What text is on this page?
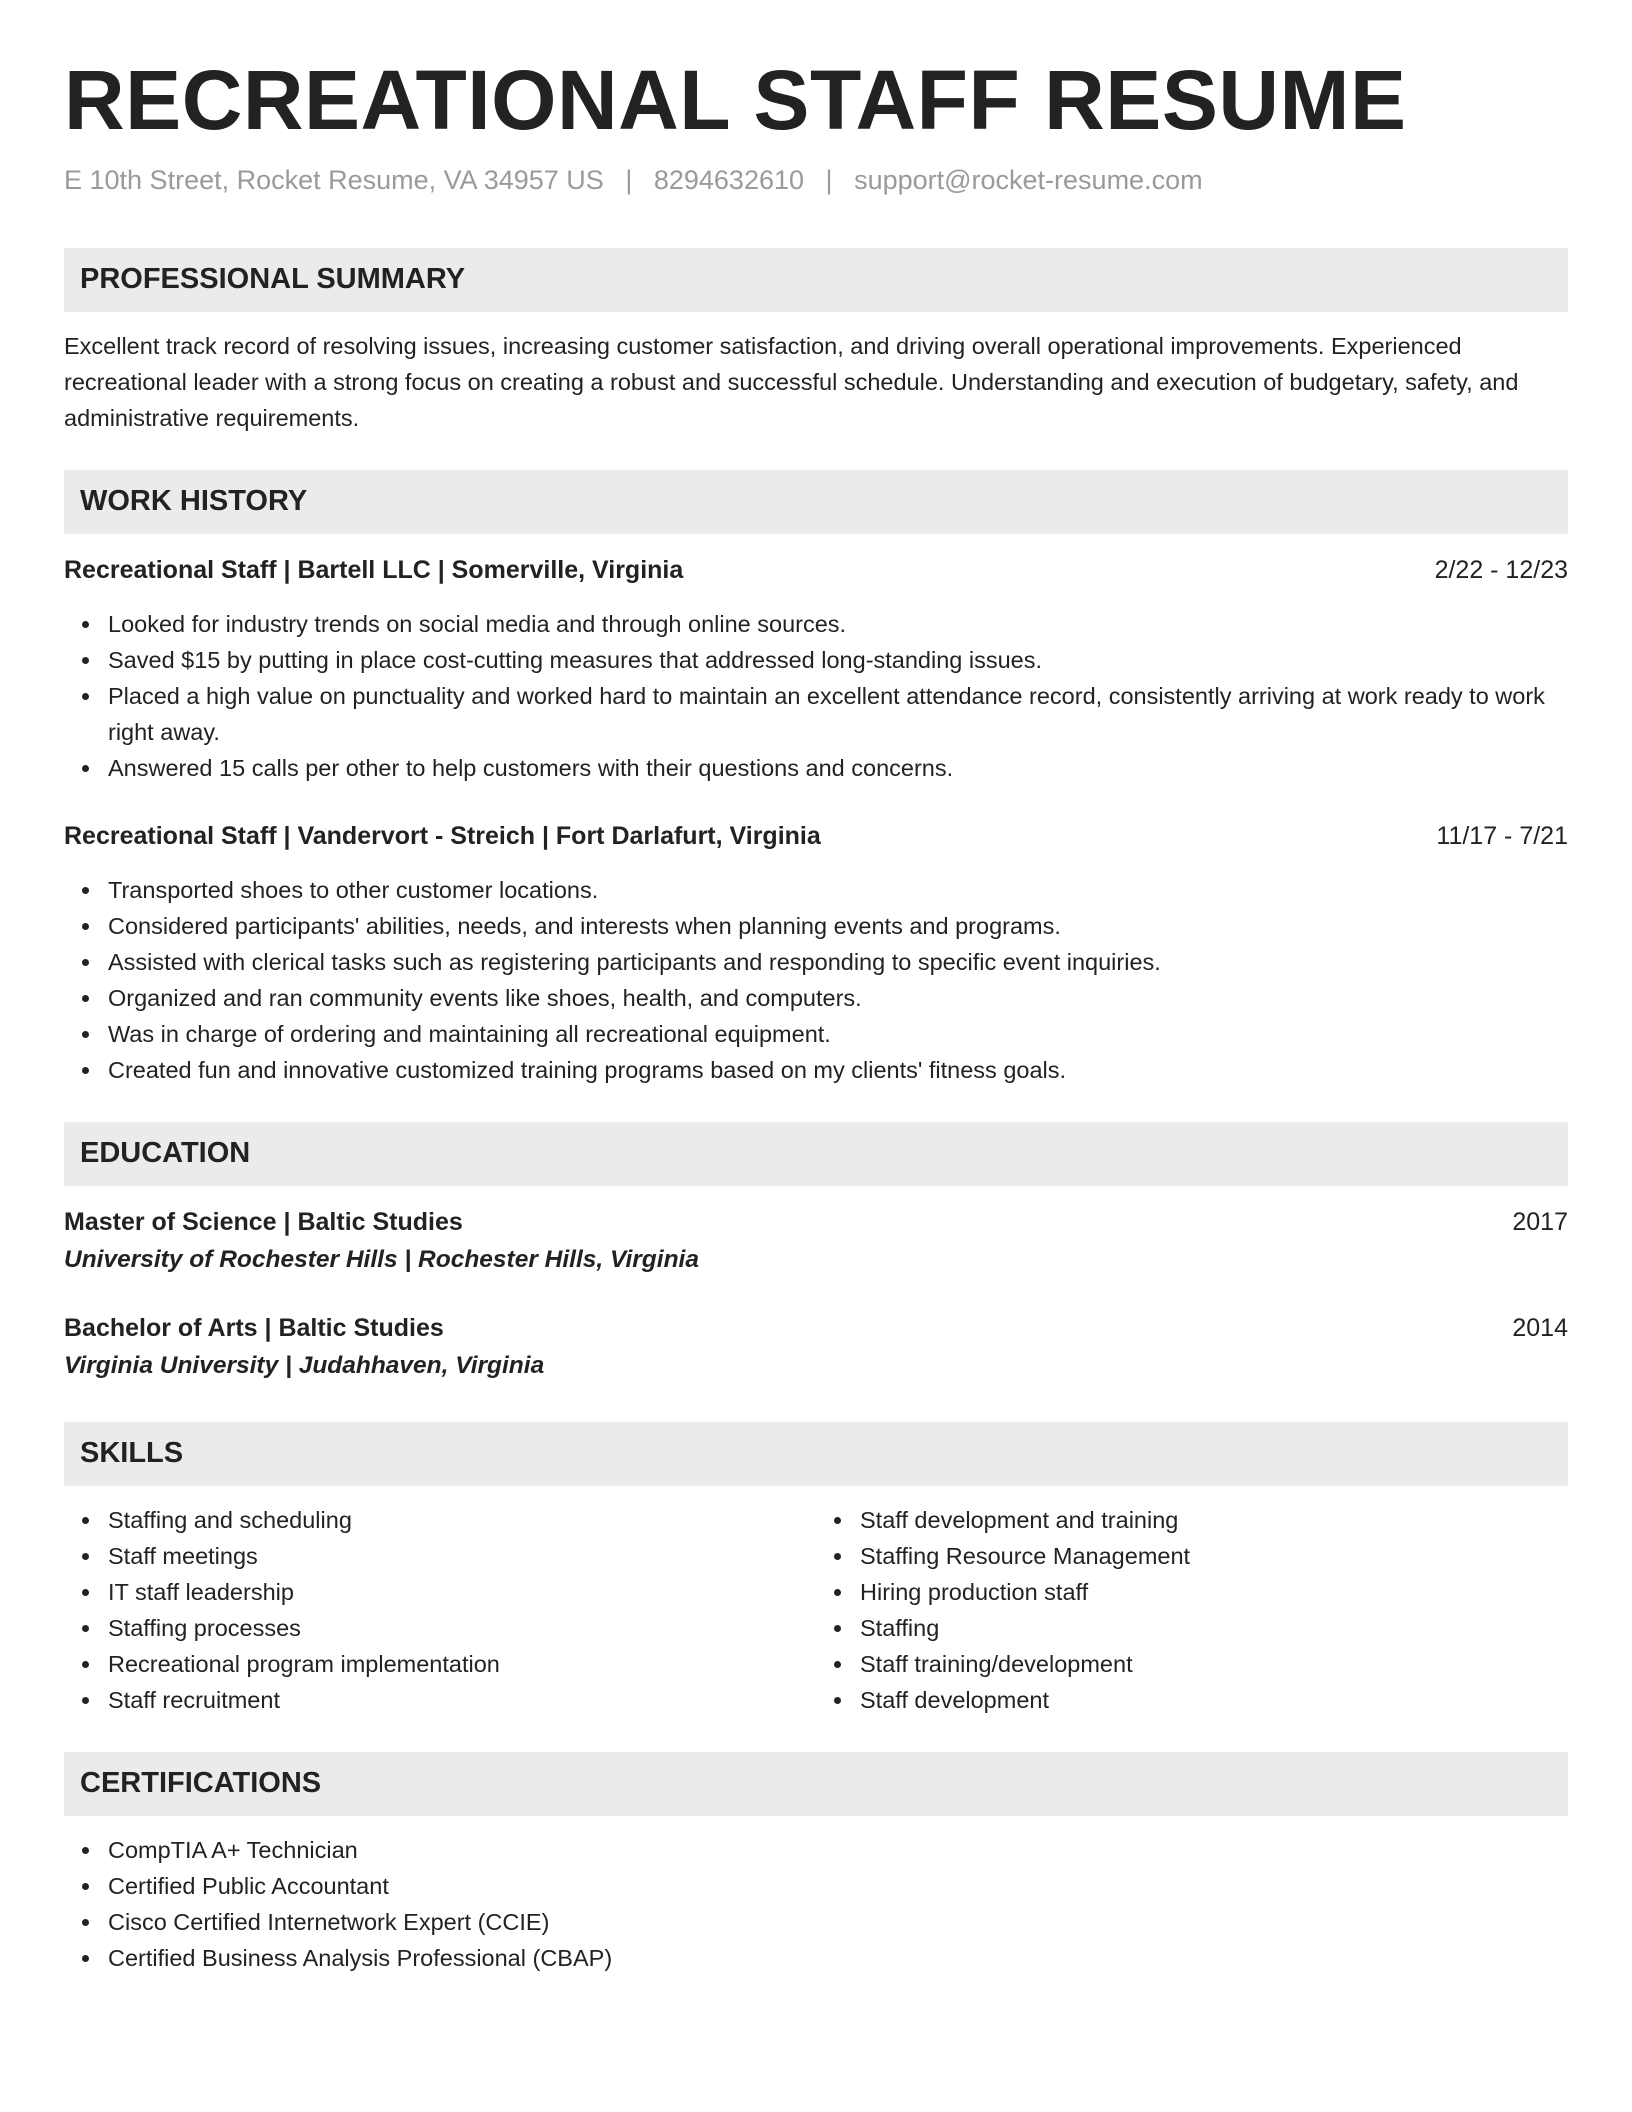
RECREATIONAL STAFF RESUME
E 10th Street, Rocket Resume, VA 34957 US | 8294632610 | support@rocket-resume.com
PROFESSIONAL SUMMARY
Excellent track record of resolving issues, increasing customer satisfaction, and driving overall operational improvements. Experienced recreational leader with a strong focus on creating a robust and successful schedule. Understanding and execution of budgetary, safety, and administrative requirements.
WORK HISTORY
Recreational Staff | Bartell LLC | Somerville, Virginia	2/22 - 12/23
Looked for industry trends on social media and through online sources.
Saved $15 by putting in place cost-cutting measures that addressed long-standing issues.
Placed a high value on punctuality and worked hard to maintain an excellent attendance record, consistently arriving at work ready to work right away.
Answered 15 calls per other to help customers with their questions and concerns.
Recreational Staff | Vandervort - Streich | Fort Darlafurt, Virginia	11/17 - 7/21
Transported shoes to other customer locations.
Considered participants' abilities, needs, and interests when planning events and programs.
Assisted with clerical tasks such as registering participants and responding to specific event inquiries.
Organized and ran community events like shoes, health, and computers.
Was in charge of ordering and maintaining all recreational equipment.
Created fun and innovative customized training programs based on my clients' fitness goals.
EDUCATION
Master of Science | Baltic Studies	2017
University of Rochester Hills | Rochester Hills, Virginia
Bachelor of Arts | Baltic Studies	2014
Virginia University | Judahhaven, Virginia
SKILLS
Staffing and scheduling
Staff meetings
IT staff leadership
Staffing processes
Recreational program implementation
Staff recruitment
Staff development and training
Staffing Resource Management
Hiring production staff
Staffing
Staff training/development
Staff development
CERTIFICATIONS
CompTIA A+ Technician
Certified Public Accountant
Cisco Certified Internetwork Expert (CCIE)
Certified Business Analysis Professional (CBAP)
